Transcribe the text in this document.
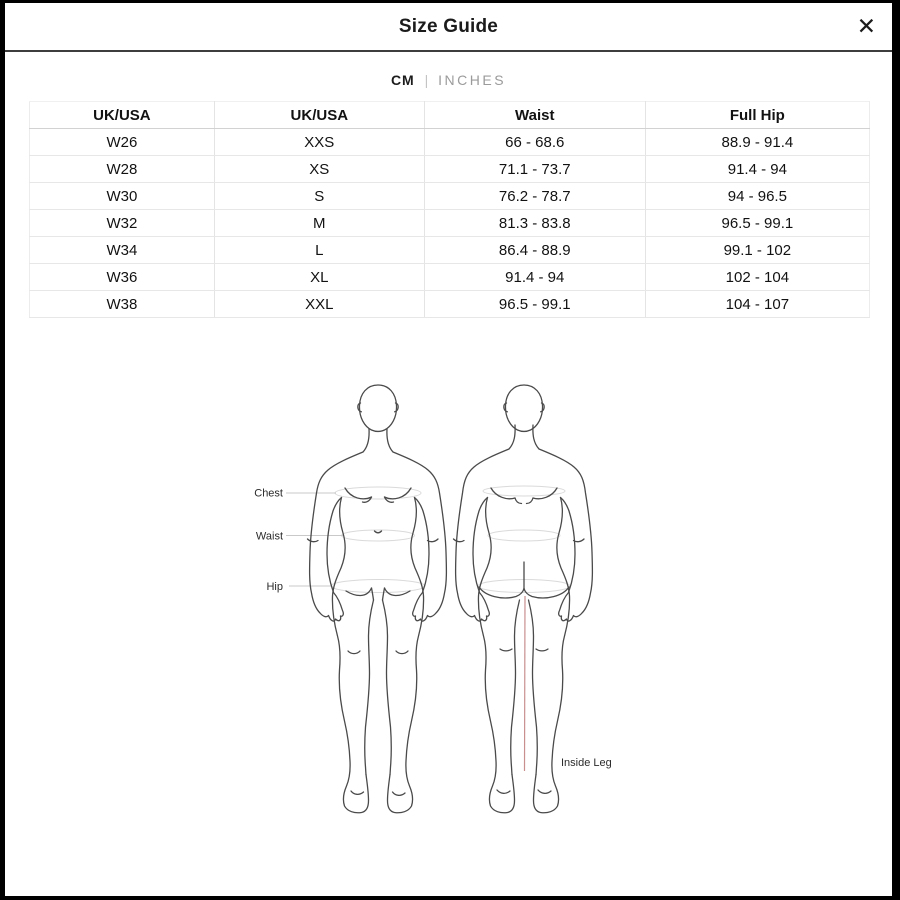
Size Guide	✕
CM | INCHES
UK/USA	UK/USA	Waist	Full Hip
W26	XXS	66 - 68.6	88.9 - 91.4
W28	XS	71.1 - 73.7	91.4 - 94
W30	S	76.2 - 78.7	94 - 96.5
W32	M	81.3 - 83.8	96.5 - 99.1
W34	L	86.4 - 88.9	99.1 - 102
W36	XL	91.4 - 94	102 - 104
W38	XXL	96.5 - 99.1	104 - 107
Chest
Waist
Hip
Inside Leg
